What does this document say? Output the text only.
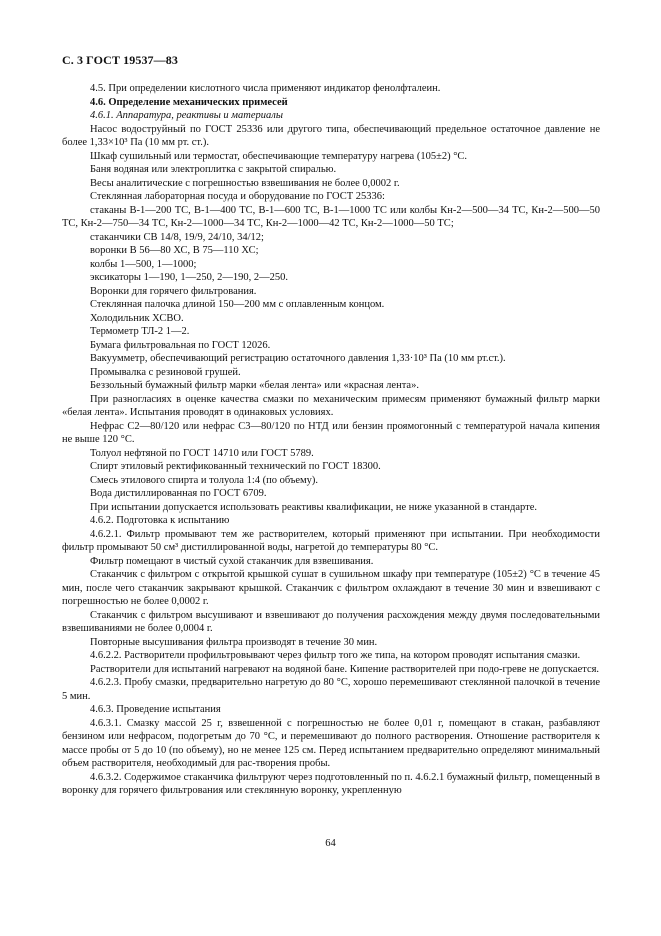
С. 3 ГОСТ 19537—83

4.5. При определении кислотного числа применяют индикатор фенолфталеин.

4.6. Определение механических примесей

4.6.1. Аппаратура, реактивы и материалы

Насос водоструйный по ГОСТ 25336 или другого типа, обеспечивающий предельное остаточное давление не более 1,33×10³ Па (10 мм рт. ст.).

Шкаф сушильный или термостат, обеспечивающие температуру нагрева (105±2) °С.

Баня водяная или электроплитка с закрытой спиралью.

Весы аналитические с погрешностью взвешивания не более 0,0002 г.

Стеклянная лабораторная посуда и оборудование по ГОСТ 25336:

стаканы В-1—200 ТС, В-1—400 ТС, В-1—600 ТС, В-1—1000 ТС или колбы Кн-2—500—34 ТС, Кн-2—500—50 ТС, Кн-2—750—34 ТС, Кн-2—1000—34 ТС, Кн-2—1000—42 ТС, Кн-2—1000—50 ТС;

стаканчики СВ 14/8, 19/9, 24/10, 34/12;

воронки В 56—80 ХС, В 75—110 ХС;

колбы 1—500, 1—1000;

эксикаторы 1—190, 1—250, 2—190, 2—250.

Воронки для горячего фильтрования.

Стеклянная палочка длиной 150—200 мм с оплавленным концом.

Холодильник ХСВО.

Термометр ТЛ-2 1—2.

Бумага фильтровальная по ГОСТ 12026.

Вакуумметр, обеспечивающий регистрацию остаточного давления 1,33·10³ Па (10 мм рт.ст.).

Промывалка с резиновой грушей.

Беззольный бумажный фильтр марки «белая лента» или «красная лента».

При разногласиях в оценке качества смазки по механическим примесям применяют бумажный фильтр марки «белая лента». Испытания проводят в одинаковых условиях.

Нефрас С2—80/120 или нефрас С3—80/120 по НТД или бензин проямогонный с температурой начала кипения не выше 120 °С.

Толуол нефтяной по ГОСТ 14710 или ГОСТ 5789.

Спирт этиловый ректификованный технический по ГОСТ 18300.

Смесь этилового спирта и толуола 1:4 (по объему).

Вода дистиллированная по ГОСТ 6709.

При испытании допускается использовать реактивы квалификации, не ниже указанной в стандарте.

4.6.2. Подготовка к испытанию

4.6.2.1. Фильтр промывают тем же растворителем, который применяют при испытании. При необходимости фильтр промывают 50 см³ дистиллированной воды, нагретой до температуры 80 °С.

Фильтр помещают в чистый сухой стаканчик для взвешивания.

Стаканчик с фильтром с открытой крышкой сушат в сушильном шкафу при температуре (105±2) °С в течение 45 мин, после чего стаканчик закрывают крышкой. Стаканчик с фильтром охлаждают в течение 30 мин и взвешивают с погрешностью не более 0,0002 г.

Стаканчик с фильтром высушивают и взвешивают до получения расхождения между двумя последовательными взвешиваниями не более 0,0004 г.

Повторные высушивания фильтра производят в течение 30 мин.

4.6.2.2. Растворители профильтровывают через фильтр того же типа, на котором проводят испытания смазки.

Растворители для испытаний нагревают на водяной бане. Кипение растворителей при подо-греве не допускается.

4.6.2.3. Пробу смазки, предварительно нагретую до 80 °С, хорошо перемешивают стеклянной палочкой в течение 5 мин.

4.6.3. Проведение испытания

4.6.3.1. Смазку массой 25 г, взвешенной с погрешностью не более 0,01 г, помещают в стакан, разбавляют бензином или нефрасом, подогретым до 70 °С, и перемешивают до полного растворения. Отношение растворителя к массе пробы от 5 до 10 (по объему), но не менее 125 см. Перед испытанием предварительно определяют минимальный объем растворителя, необходимый для рас-творения пробы.

4.6.3.2. Содержимое стаканчика фильтруют через подготовленный по п. 4.6.2.1 бумажный фильтр, помещенный в воронку для горячего фильтрования или стеклянную воронку, укрепленную

64
